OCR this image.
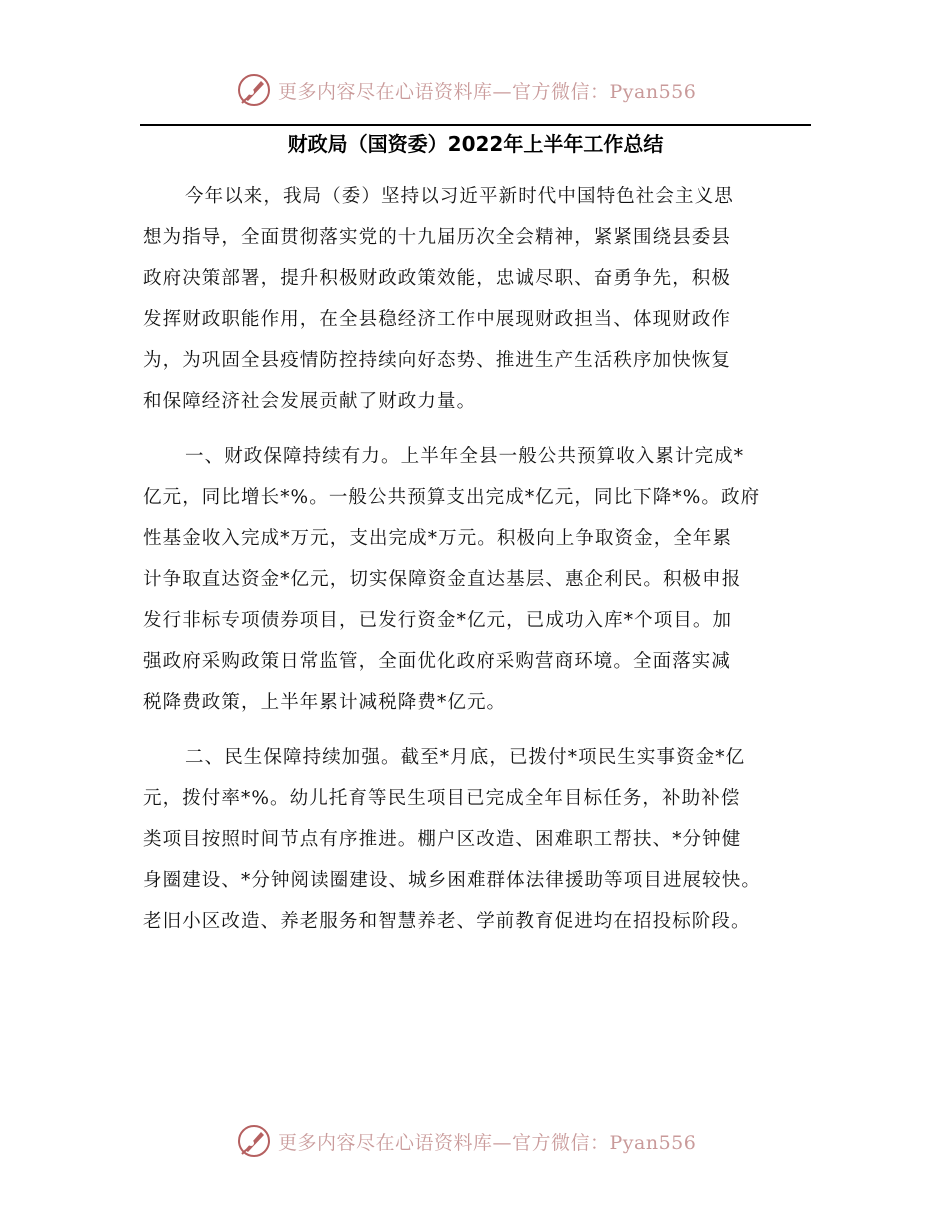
更多内容尽在心语资料库—官方微信：Pyan556
财政局（国资委）2022年上半年工作总结
今年以来，我局（委）坚持以习近平新时代中国特色社会主义思
想为指导，全面贯彻落实党的十九届历次全会精神，紧紧围绕县委县
政府决策部署，提升积极财政政策效能，忠诚尽职、奋勇争先，积极
发挥财政职能作用，在全县稳经济工作中展现财政担当、体现财政作
为，为巩固全县疫情防控持续向好态势、推进生产生活秩序加快恢复
和保障经济社会发展贡献了财政力量。
一、财政保障持续有力。上半年全县一般公共预算收入累计完成*
亿元，同比增长*%。一般公共预算支出完成*亿元，同比下降*%。政府
性基金收入完成*万元，支出完成*万元。积极向上争取资金，全年累
计争取直达资金*亿元，切实保障资金直达基层、惠企利民。积极申报
发行非标专项债券项目，已发行资金*亿元，已成功入库*个项目。加
强政府采购政策日常监管，全面优化政府采购营商环境。全面落实减
税降费政策，上半年累计减税降费*亿元。
二、民生保障持续加强。截至*月底，已拨付*项民生实事资金*亿
元，拨付率*%。幼儿托育等民生项目已完成全年目标任务，补助补偿
类项目按照时间节点有序推进。棚户区改造、困难职工帮扶、*分钟健
身圈建设、*分钟阅读圈建设、城乡困难群体法律援助等项目进展较快。
老旧小区改造、养老服务和智慧养老、学前教育促进均在招投标阶段。
更多内容尽在心语资料库—官方微信：Pyan556
